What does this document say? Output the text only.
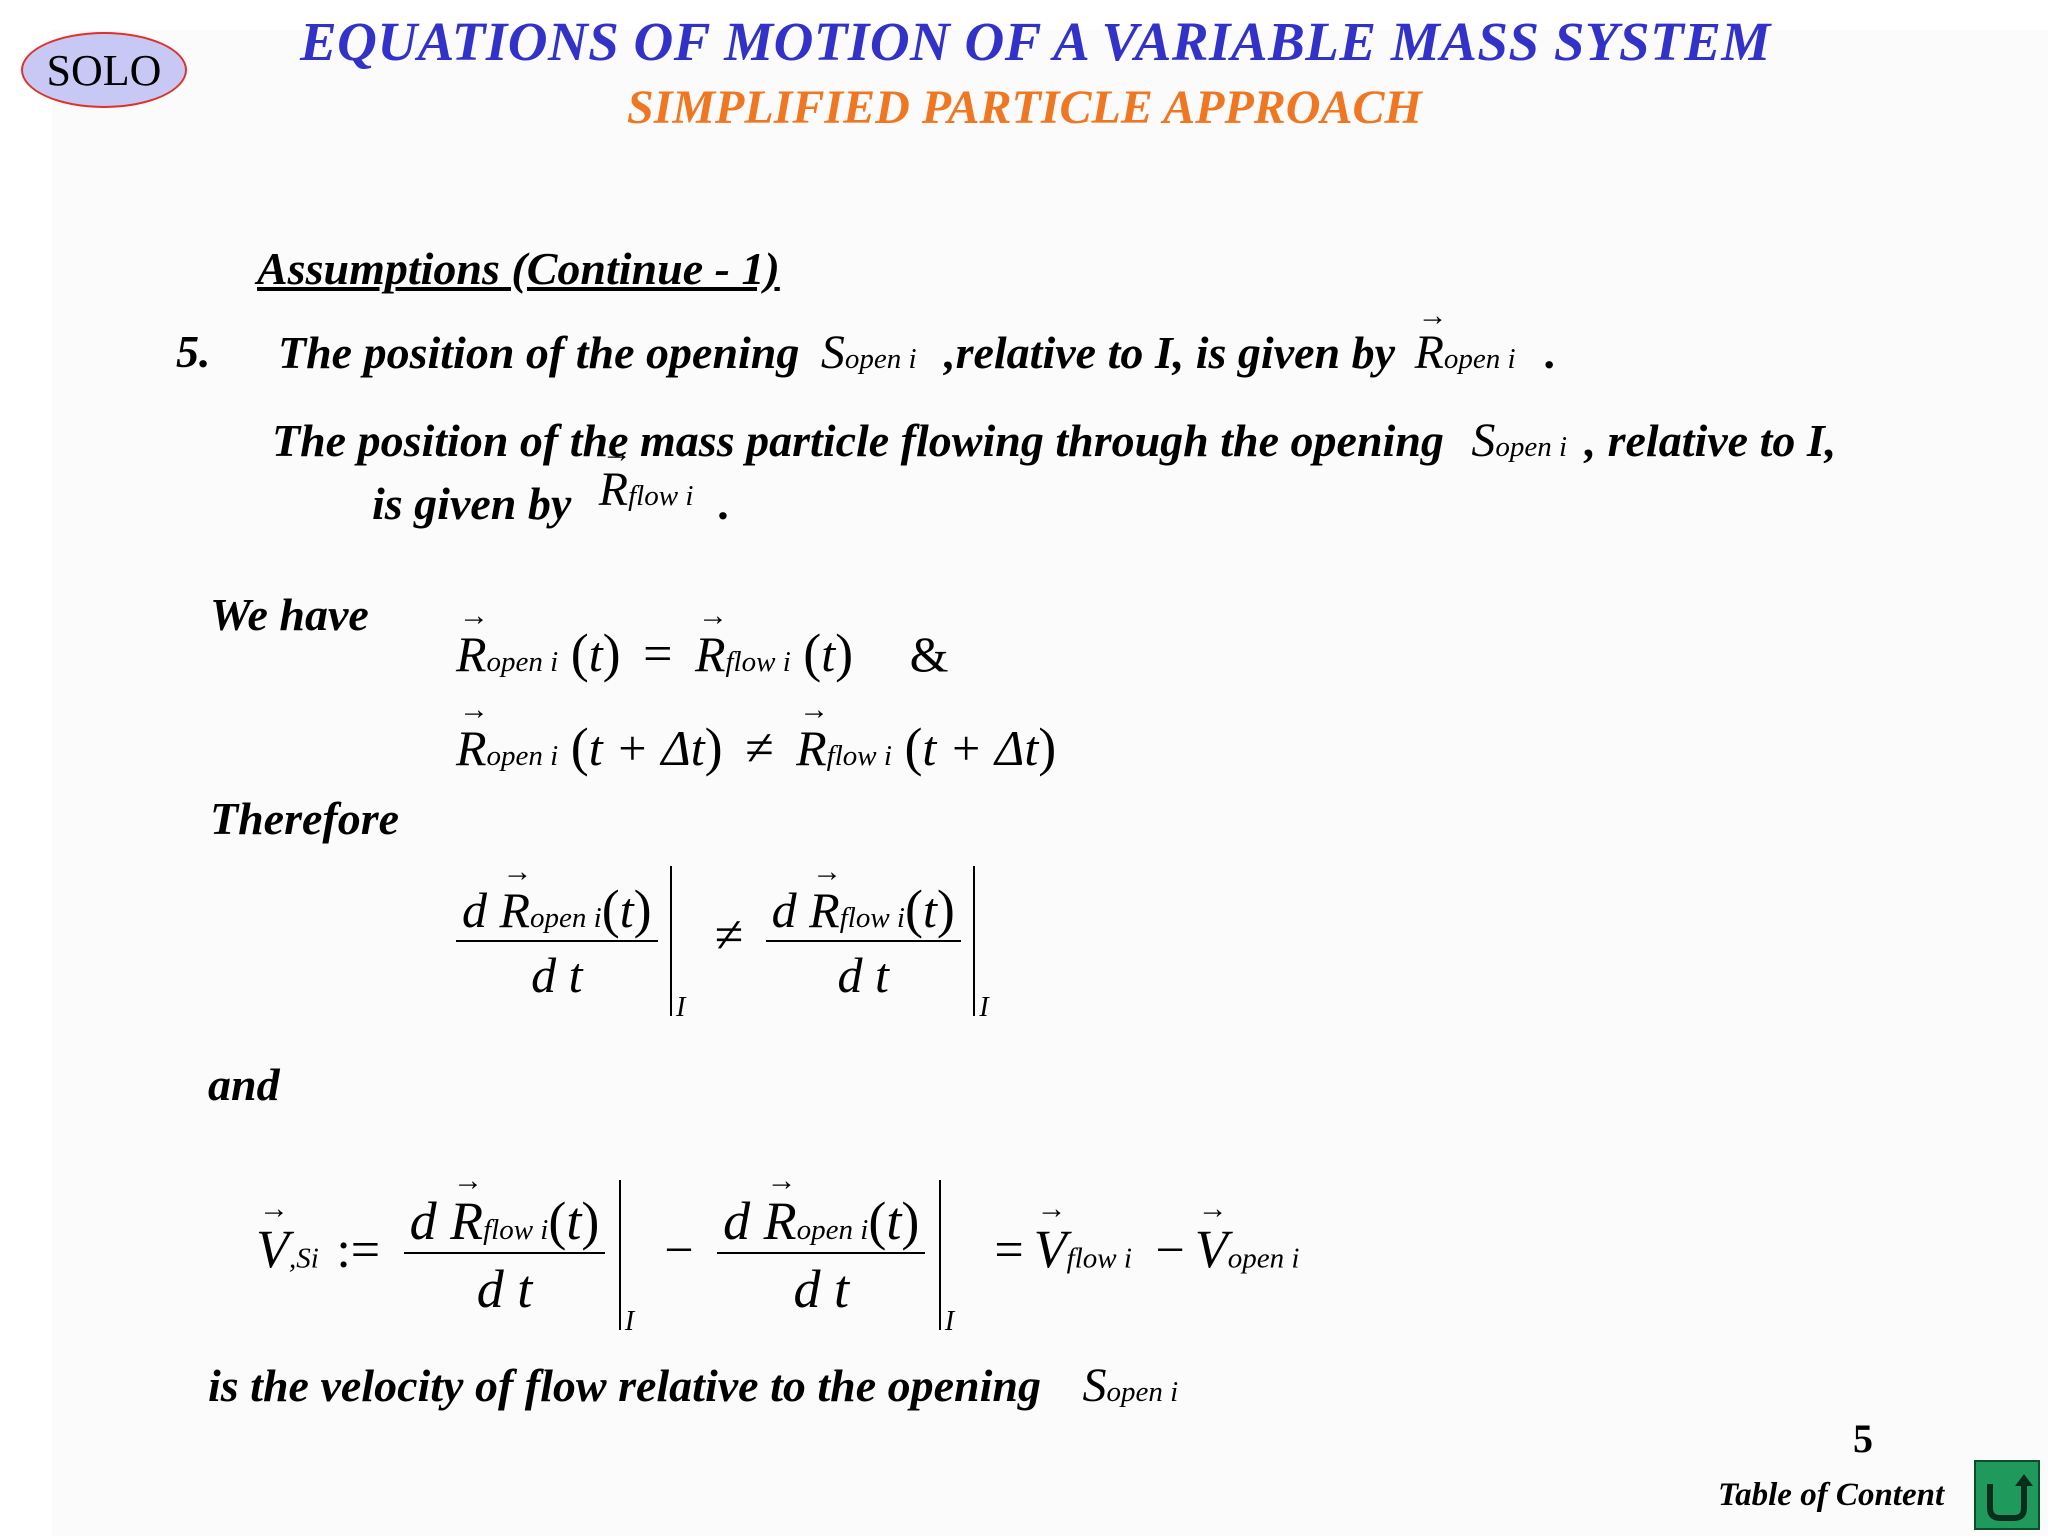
SOLO	EQUATIONS OF MOTION OF A VARIABLE MASS SYSTEM
SIMPLIFIED PARTICLE APPROACH
Assumptions (Continue - 1)
5. The position of the opening Sopen i ,relative to I, is given by → Ropen i .
The position of the mass particle flowing through the opening Sopen i , relative to I,
is given by → Rflow i .
We have
→ Ropen i (t) = → Rflow i (t) &
→ Ropen i (t + Δt) ≠ → Rflow i (t + Δt)
Therefore
$\frac{\text{d → Ropen i(t)}}{\text{d t}}$

I
≠ $\frac{\text{d → Rflow i(t)}}{\text{d t}}$

I
and
→ V,Si := $\frac{\text{d → Rflow i(t)}}{\text{d t}}$

I
− $\frac{\text{d → Ropen i(t)}}{\text{d t}}$

I
= → Vflow i − → Vopen i
is the velocity of flow relative to the opening Sopen i
5
Table of Content
